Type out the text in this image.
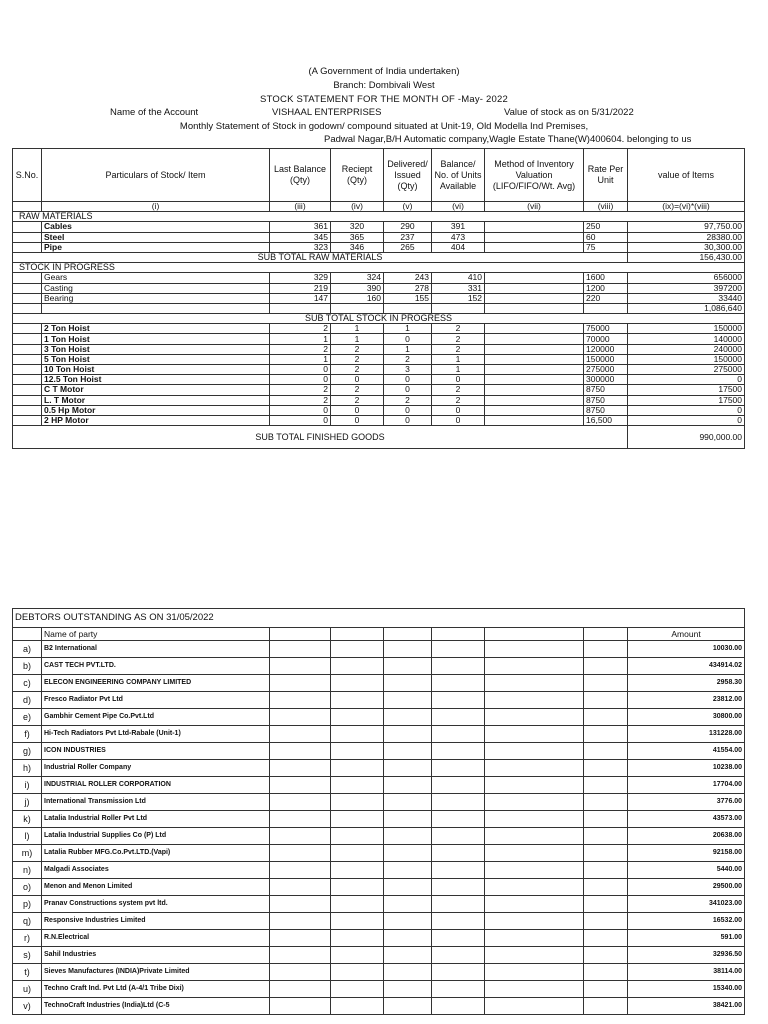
(A Government of India undertaken)
Branch: Dombivali West
STOCK STATEMENT FOR THE MONTH OF -May- 2022
Name of the Account	VISHAAL ENTERPRISES	Value of stock as on 5/31/2022
Monthly Statement of Stock in godown/ compound situated at Unit-19, Old Modella Ind Premises,
Padwal Nagar,B/H Automatic company,Wagle Estate Thane(W)400604. belonging to us
S.No.	Particulars of Stock/ Item	Last Balance (Qty)	Reciept (Qty)	Delivered/ Issued (Qty)	Balance/ No. of Units Available	Method of Inventory Valuation (LIFO/FIFO/Wt. Avg)	Rate Per Unit	value of Items
	(i)	(iii)	(iv)	(v)	(vi)	(vii)	(viii)	(ix)=(vi)*(viii)
RAW MATERIALS								
	Cables	361	320	290	391		250	97,750.00
	Steel	345	365	237	473		60	28380.00
	Pipe	323	346	265	404		75	30,300.00
SUB TOTAL RAW MATERIALS								156,430.00
STOCK IN PROGRESS								
	Gears	329	324	243	410		1600	656000
	Casting	219	390	278	331		1200	397200
	Bearing	147	160	155	152		220	33440
								1,086,640
SUB TOTAL STOCK IN PROGRESS								
	2 Ton Hoist	2	1	1	2		75000	150000
	1 Ton Hoist	1	1	0	2		70000	140000
	3 Ton Hoist	2	2	1	2		120000	240000
	5 Ton Hoist	1	2	2	1		150000	150000
	10 Ton Hoist	0	2	3	1		275000	275000
	12.5 Ton Hoist	0	0	0	0		300000	0
	C T Motor	2	2	0	2		8750	17500
	L. T Motor	2	2	2	2		8750	17500
	0.5 Hp Motor	0	0	0	0		8750	0
	2 HP Motor	0	0	0	0		16,500	0
SUB TOTAL FINISHED GOODS								990,000.00
DEBTORS OUTSTANDING AS ON 31/05/2022								
	Name of party							Amount
a)	B2 International							10030.00
b)	CAST TECH PVT.LTD.							434914.02
c)	ELECON ENGINEERING COMPANY LIMITED							2958.30
d)	Fresco Radiator Pvt Ltd							23812.00
e)	Gambhir Cement Pipe Co.Pvt.Ltd							30800.00
f)	Hi-Tech Radiators Pvt Ltd-Rabale (Unit-1)							131228.00
g)	ICON INDUSTRIES							41554.00
h)	Industrial Roller Company							10238.00
i)	INDUSTRIAL ROLLER CORPORATION							17704.00
j)	International Transmission Ltd							3776.00
k)	Latalia Industrial Roller Pvt Ltd							43573.00
l)	Latalia Industrial Supplies Co (P) Ltd							20638.00
m)	Latalia Rubber MFG.Co.Pvt.LTD.(Vapi)							92158.00
n)	Malgadi Associates							5440.00
o)	Menon and Menon Limited							29500.00
p)	Pranav Constructions system pvt ltd.							341023.00
q)	Responsive Industries Limited							16532.00
r)	R.N.Electrical							591.00
s)	Sahil Industries							32936.50
t)	Sieves Manufactures (INDIA)Private Limited							38114.00
u)	Techno Craft Ind. Pvt Ltd (A-4/1 Tribe Dixi)							15340.00
v)	TechnoCraft Industries (India)Ltd (C-5							38421.00
